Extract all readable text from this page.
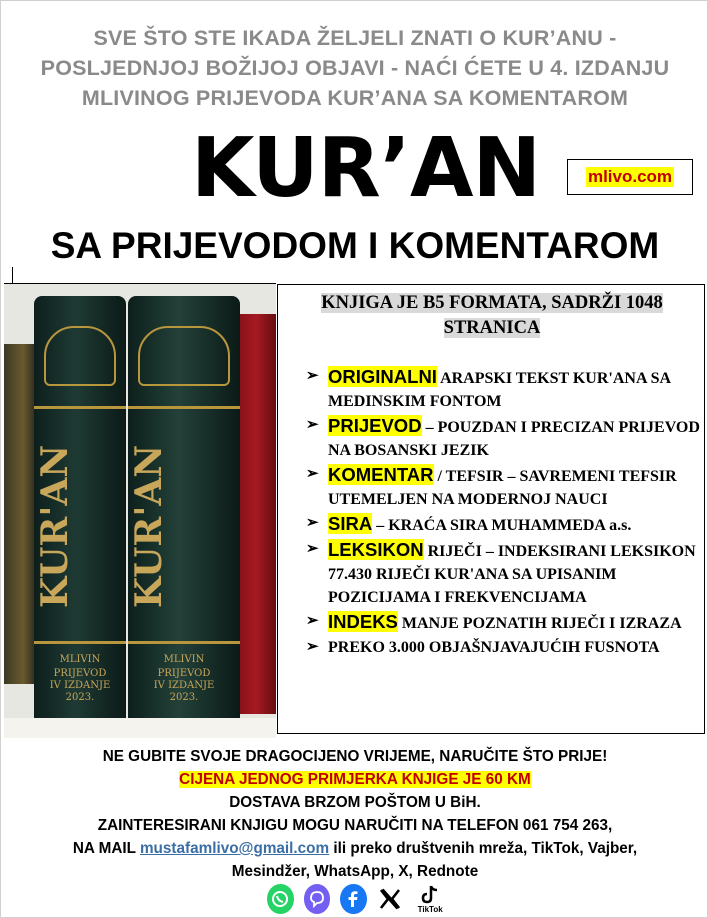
SVE ŠTO STE IKADA ŽELJELI ZNATI O KUR’ANU -
POSLJEDNJOJ BOŽIJOJ OBJAVI - NAĆI ĆETE U 4. IZDANJU
MLIVINOG PRIJEVODA KUR’ANA SA KOMENTAROM
KUR’AN	mlivo.com
SA PRIJEVODOM I KOMENTAROM
KUR'AN
MLIVIN
PRIJEVOD
IV IZDANJE
2023.
KUR'AN
MLIVIN
PRIJEVOD
IV IZDANJE
2023.
KNJIGA JE B5 FORMATA, SADRŽI 1048
STRANICA
➢ ORIGINALNI ARAPSKI TEKST KUR'ANA SA MEDINSKIM FONTOM
➢ PRIJEVOD – POUZDAN I PRECIZAN PRIJEVOD NA BOSANSKI JEZIK
➢ KOMENTAR / TEFSIR – SAVREMENI TEFSIR UTEMELJEN NA MODERNOJ NAUCI
➢ SIRA – KRAĆA SIRA MUHAMMEDA a.s.
➢ LEKSIKON RIJEČI – INDEKSIRANI LEKSIKON 77.430 RIJEČI KUR'ANA SA UPISANIM POZICIJAMA I FREKVENCIJAMA
➢ INDEKS MANJE POZNATIH RIJEČI I IZRAZA
➢ PREKO 3.000 OBJAŠNJAVAJUĆIH FUSNOTA
NE GUBITE SVOJE DRAGOCIJENO VRIJEME, NARUČITE ŠTO PRIJE!
CIJENA JEDNOG PRIMJERKA KNJIGE JE 60 KM
DOSTAVA BRZOM POŠTOM U BiH.
ZAINTERESIRANI KNJIGU MOGU NARUČITI NA TELEFON 061 754 263,
NA MAIL mustafamlivo@gmail.com ili preko društvenih mreža, TikTok, Vajber,
Mesindžer, WhatsApp, X, Rednote
TikTok
